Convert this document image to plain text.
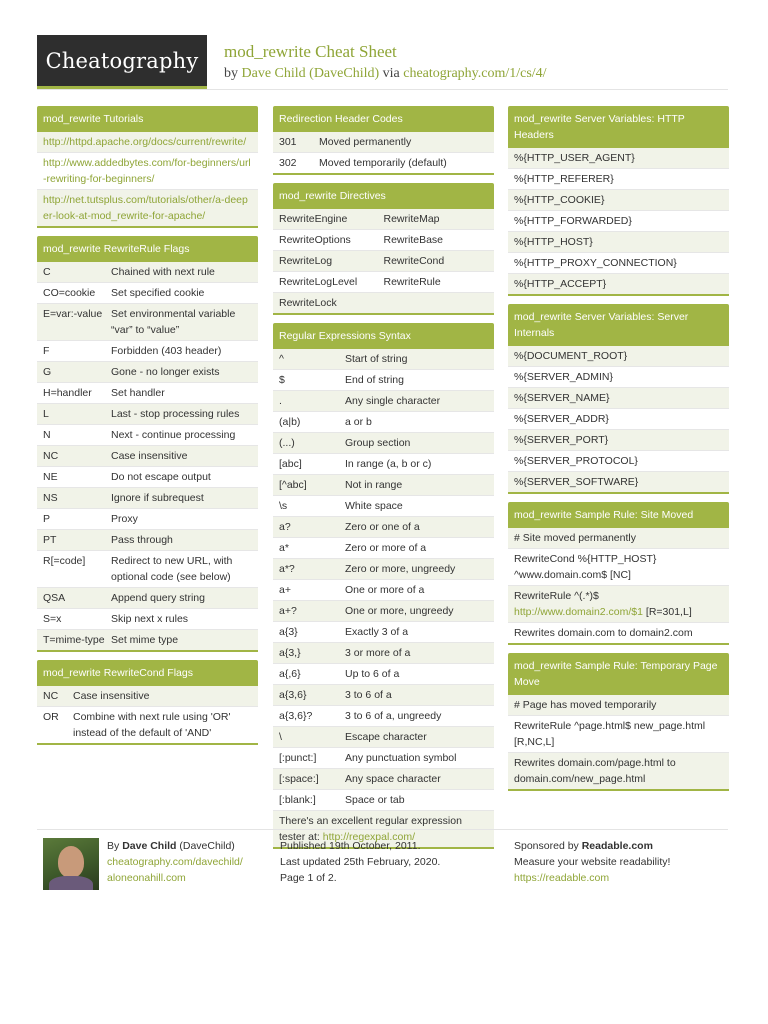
Cheatography mod_rewrite Cheat Sheet
by Dave Child (DaveChild) via cheatography.com/1/cs/4/
mod_rewrite Tutorials
http://httpd.apache.org/docs/current/rewrite/
http://www.addedbytes.com/for-beginners/url-rewriting-for-beginners/
http://net.tutsplus.com/tutorials/other/a-deeper-look-at-mod_rewrite-for-apache/
mod_rewrite RewriteRule Flags
C	Chained with next rule
CO=cookie	Set specified cookie
E=var:-value Set environmental variable “var” to “value”
F	Forbidden (403 header)
G	Gone - no longer exists
H=handler	Set handler
L	Last - stop processing rules
N	Next - continue processing
NC	Case insensitive
NE	Do not escape output
NS	Ignore if subrequest
P	Proxy
PT	Pass through
R[=code]	Redirect to new URL, with optional code (see below)
QSA	Append query string
S=x	Skip next x rules
T=mime-type Set mime type
mod_rewrite RewriteCond Flags
NC	Case insensitive
OR	Combine with next rule using 'OR' instead of the default of 'AND'
Redirection Header Codes
301	Moved permanently
302	Moved temporarily (default)
mod_rewrite Directives
RewriteEngine	RewriteMap
RewriteOptions	RewriteBase
RewriteLog	RewriteCond
RewriteLogLevel	RewriteRule
RewriteLock
Regular Expressions Syntax
^	Start of string
$	End of string
.	Any single character
(a|b)	a or b
(...)	Group section
[abc]	In range (a, b or c)
[^abc]	Not in range
\s	White space
a?	Zero or one of a
a*	Zero or more of a
a*?	Zero or more, ungreedy
a+	One or more of a
a+?	One or more, ungreedy
a{3}	Exactly 3 of a
a{3,}	3 or more of a
a{,6}	Up to 6 of a
a{3,6}	3 to 6 of a
a{3,6}?	3 to 6 of a, ungreedy
\	Escape character
[:punct:]	Any punctuation symbol
[:space:]	Any space character
[:blank:]	Space or tab
There's an excellent regular expression tester at: http://regexpal.com/
mod_rewrite Server Variables: HTTP Headers
%{HTTP_USER_AGENT}
%{HTTP_REFERER}
%{HTTP_COOKIE}
%{HTTP_FORWARDED}
%{HTTP_HOST}
%{HTTP_PROXY_CONNECTION}
%{HTTP_ACCEPT}
mod_rewrite Server Variables: Server Internals
%{DOCUMENT_ROOT}
%{SERVER_ADMIN}
%{SERVER_NAME}
%{SERVER_ADDR}
%{SERVER_PORT}
%{SERVER_PROTOCOL}
%{SERVER_SOFTWARE}
mod_rewrite Sample Rule: Site Moved
# Site moved permanently
RewriteCond %{HTTP_HOST} ^www.domain.com$ [NC]
RewriteRule ^(.*)$ http://www.domain2.com/$1 [R=301,L]
Rewrites domain.com to domain2.com
mod_rewrite Sample Rule: Temporary Page Move
# Page has moved temporarily
RewriteRule ^page.html$ new_page.html [R,NC,L]
Rewrites domain.com/page.html to domain.com/new_page.html
By Dave Child (DaveChild)
cheatography.com/davechild/
aloneonahill.com
Published 19th October, 2011.
Last updated 25th February, 2020.
Page 1 of 2.
Sponsored by Readable.com
Measure your website readability!
https://readable.com
